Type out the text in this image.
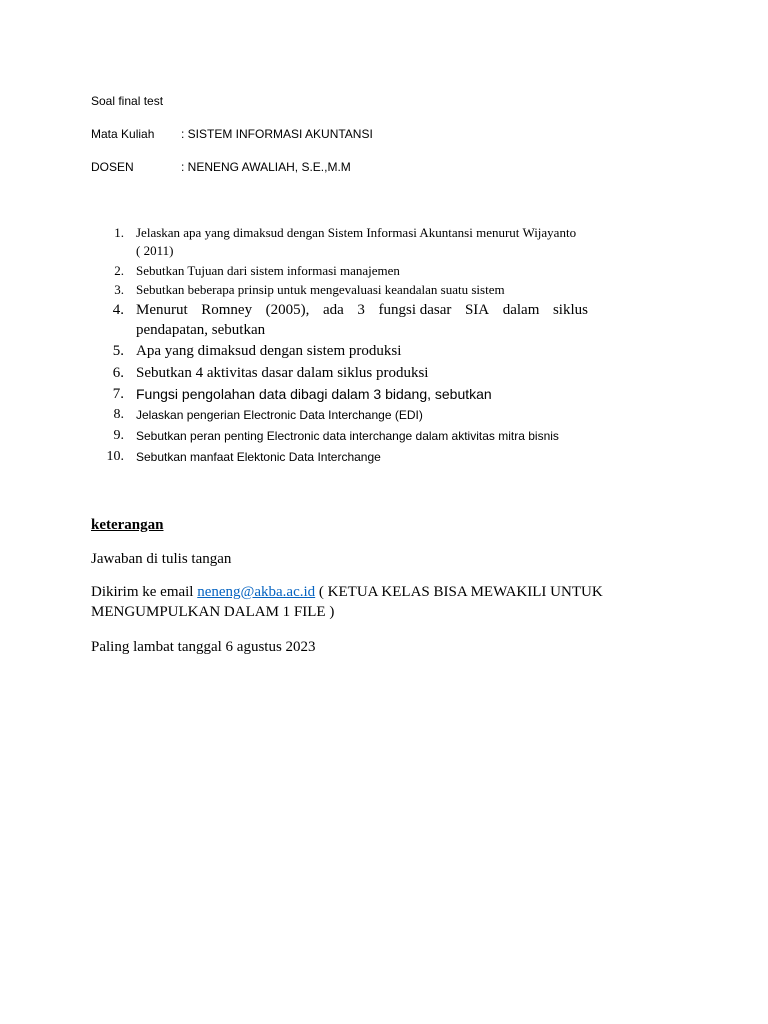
Soal final test
Mata Kuliah : SISTEM INFORMASI AKUNTANSI
DOSEN	: NENENG AWALIAH, S.E.,M.M
1. Jelaskan apa yang dimaksud dengan Sistem Informasi Akuntansi menurut Wijayanto
( 2011)
2. Sebutkan Tujuan dari sistem informasi manajemen
3. Sebutkan beberapa prinsip untuk mengevaluasi keandalan suatu sistem
4. Menurut Romney (2005), ada 3 fungsi dasar SIA dalam siklus
pendapatan, sebutkan
5. Apa yang dimaksud dengan sistem produksi
6. Sebutkan 4 aktivitas dasar dalam siklus produksi
7. Fungsi pengolahan data dibagi dalam 3 bidang, sebutkan
8. Jelaskan pengerian Electronic Data Interchange (EDI)
9. Sebutkan peran penting Electronic data interchange dalam aktivitas mitra bisnis
10. Sebutkan manfaat Elektonic Data Interchange
keterangan
Jawaban di tulis tangan
Dikirim ke email neneng@akba.ac.id ( KETUA KELAS BISA MEWAKILI UNTUK
MENGUMPULKAN DALAM 1 FILE )
Paling lambat tanggal 6 agustus 2023
